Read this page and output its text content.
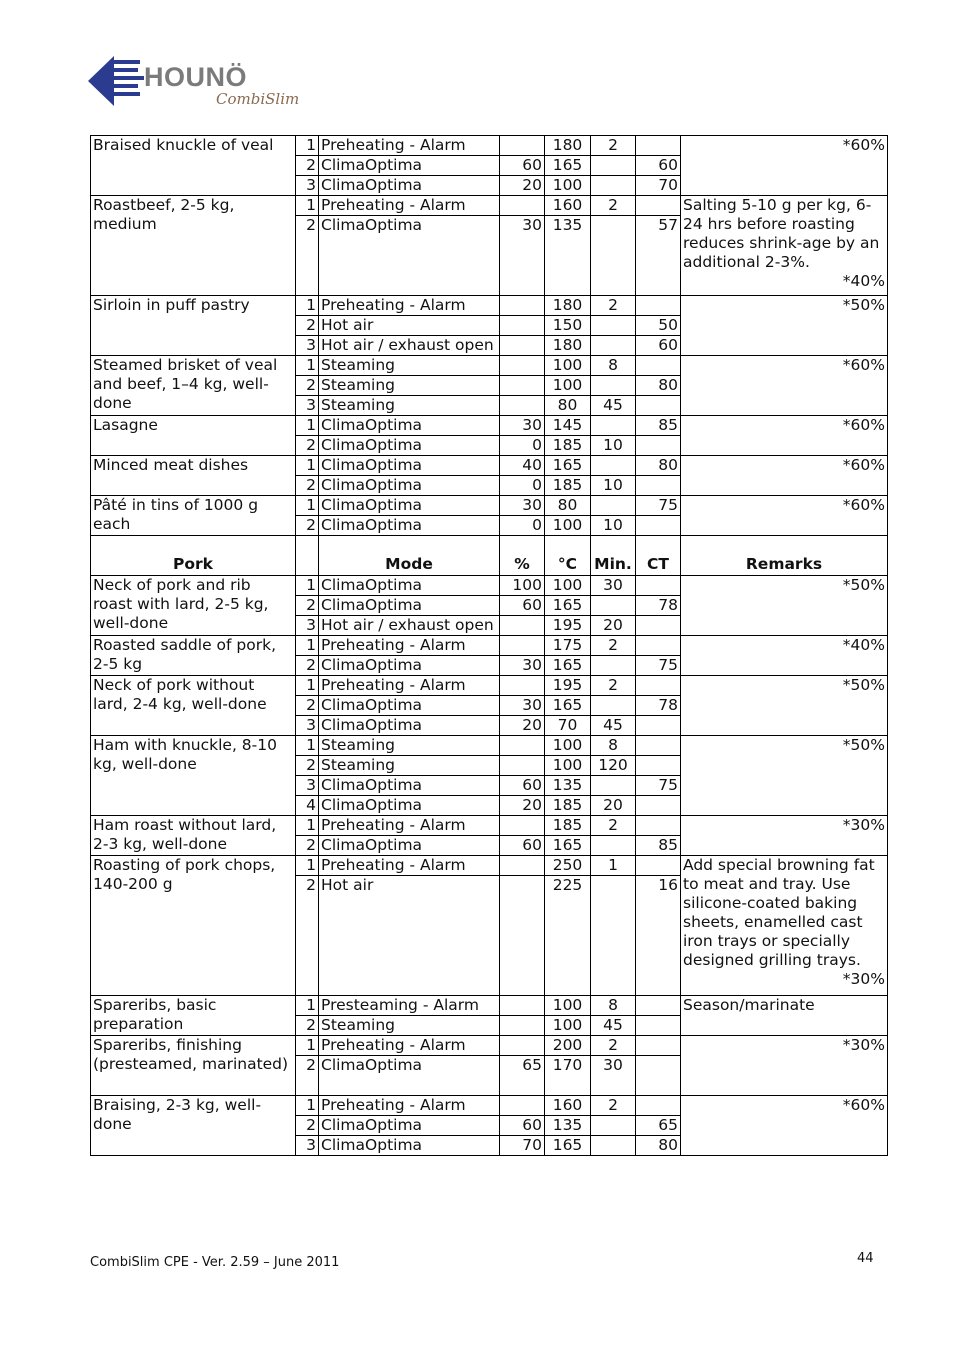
HOUNÖ
CombiSlim
Braised knuckle of veal	1	Preheating - Alarm		180	2		*60%

	2	ClimaOptima	60	165		60	
	3	ClimaOptima	20	100		70	
Roastbeef, 2-5 kg, medium	1	Preheating - Alarm		160	2		Salting 5-10 g per kg, 6-24 hrs before roasting reduces shrink-age by an additional 2-3%.
*40%

	2	ClimaOptima	30	135		57	
Sirloin in puff pastry	1	Preheating - Alarm		180	2		*50%

	2	Hot air		150		50	
	3	Hot air / exhaust open		180		60	
Steamed brisket of veal and beef, 1–4 kg, well-done	1	Steaming		100	8		*60%

	2	Steaming		100		80	
	3	Steaming		80	45		
Lasagne	1	ClimaOptima	30	145		85	*60%

	2	ClimaOptima	0	185	10		
Minced meat dishes	1	ClimaOptima	40	165		80	*60%

	2	ClimaOptima	0	185	10		
Pâté in tins of 1000 g each	1	ClimaOptima	30	80		75	*60%

	2	ClimaOptima	0	100	10		
Pork		Mode	%	°C	Min.	CT	Remarks
Neck of pork and rib roast with lard, 2-5 kg, well-done	1	ClimaOptima	100	100	30		*50%

	2	ClimaOptima	60	165		78	
	3	Hot air / exhaust open		195	20		
Roasted saddle of pork, 2-5 kg	1	Preheating - Alarm		175	2		*40%

	2	ClimaOptima	30	165		75	
Neck of pork without lard, 2-4 kg, well-done	1	Preheating - Alarm		195	2		*50%

	2	ClimaOptima	30	165		78	
	3	ClimaOptima	20	70	45		
Ham with knuckle, 8-10 kg, well-done	1	Steaming		100	8		*50%

	2	Steaming		100	120		
	3	ClimaOptima	60	135		75	
	4	ClimaOptima	20	185	20		
Ham roast without lard, 2-3 kg, well-done	1	Preheating - Alarm		185	2		*30%

	2	ClimaOptima	60	165		85	
Roasting of pork chops, 140-200 g	1	Preheating - Alarm		250	1		Add special browning fat to meat and tray. Use silicone-coated baking sheets, enamelled cast iron trays or specially designed grilling trays.
*30%

	2	Hot air		225		16	
Spareribs, basic preparation	1	Presteaming - Alarm		100	8		Season/marinate

	2	Steaming		100	45		
Spareribs, finishing (presteamed, marinated)	1	Preheating - Alarm		200	2		*30%

	2	ClimaOptima	65	170	30		
Braising, 2-3 kg, well-done	1	Preheating - Alarm		160	2		*60%

	2	ClimaOptima	60	135		65	
	3	ClimaOptima	70	165		80	
CombiSlim CPE - Ver. 2.59 – June 2011	44
